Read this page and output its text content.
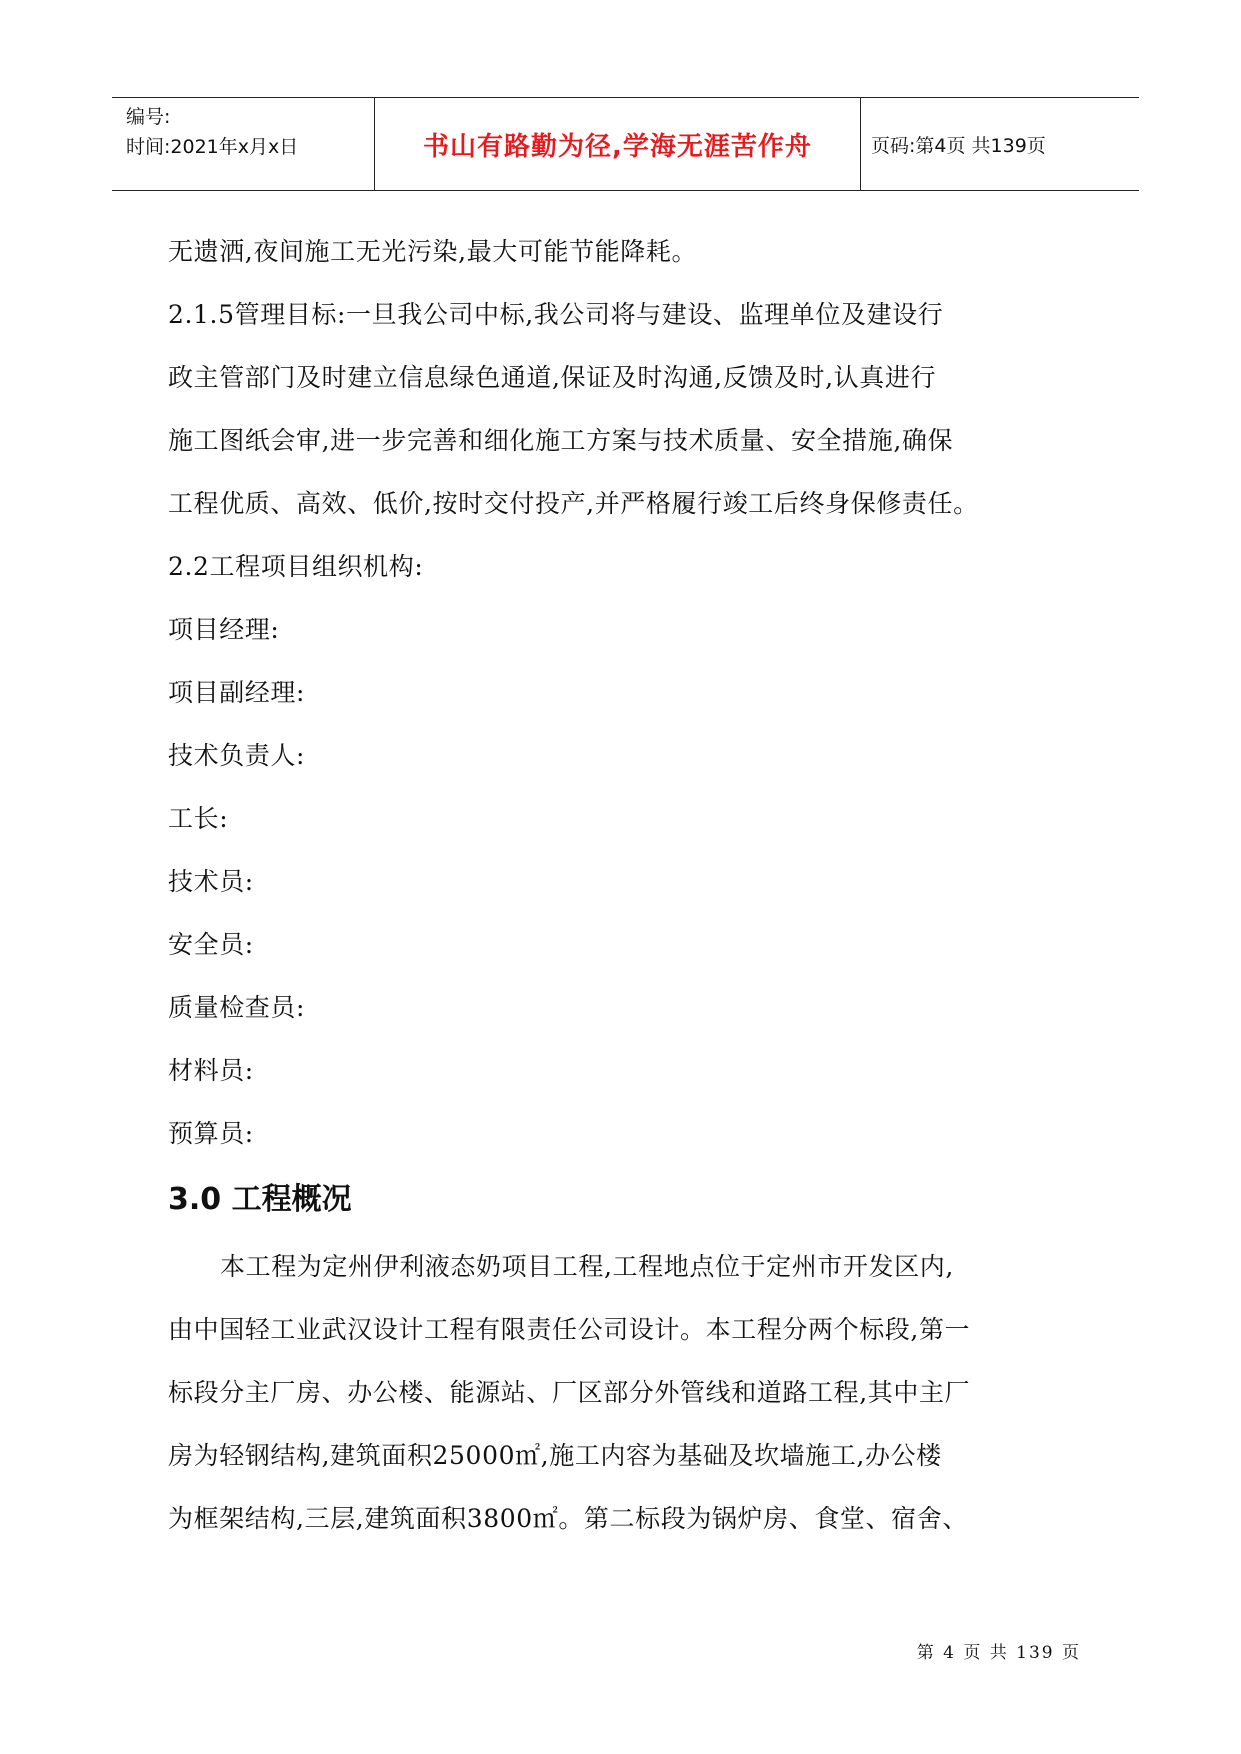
编号:
时间:2021年x月x日	书山有路勤为径,学海无涯苦作舟	页码:第4页 共139页
无遗洒,夜间施工无光污染,最大可能节能降耗。
2.1.5管理目标:一旦我公司中标,我公司将与建设、监理单位及建设行
政主管部门及时建立信息绿色通道,保证及时沟通,反馈及时,认真进行
施工图纸会审,进一步完善和细化施工方案与技术质量、安全措施,确保
工程优质、高效、低价,按时交付投产,并严格履行竣工后终身保修责任。
2.2工程项目组织机构:
项目经理:
项目副经理:
技术负责人:
工长:
技术员:
安全员:
质量检查员:
材料员:
预算员:
3.0 工程概况
本工程为定州伊利液态奶项目工程,工程地点位于定州市开发区内,
由中国轻工业武汉设计工程有限责任公司设计。本工程分两个标段,第一
标段分主厂房、办公楼、能源站、厂区部分外管线和道路工程,其中主厂
房为轻钢结构,建筑面积25000㎡,施工内容为基础及坎墙施工,办公楼
为框架结构,三层,建筑面积3800㎡。第二标段为锅炉房、食堂、宿舍、
第 4 页 共 139 页
